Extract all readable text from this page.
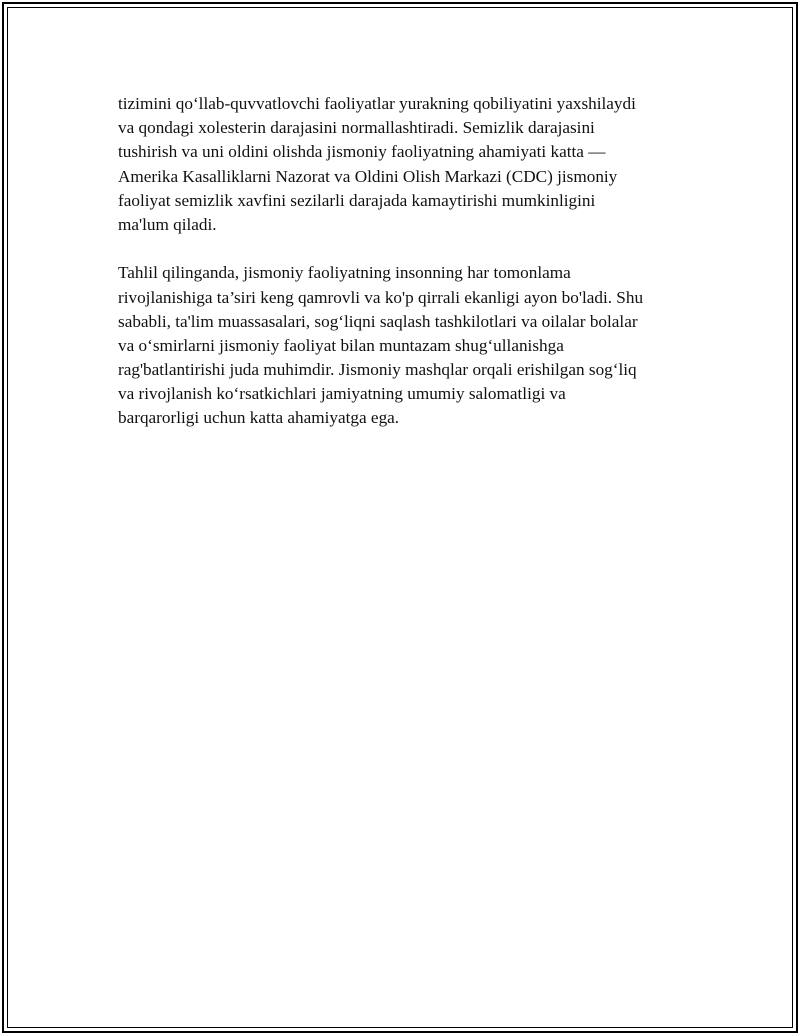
tizimini qo‘llab-quvvatlovchi faoliyatlar yurakning qobiliyatini yaxshilaydi
va qondagi xolesterin darajasini normallashtiradi. Semizlik darajasini
tushirish va uni oldini olishda jismoniy faoliyatning ahamiyati katta —
Amerika Kasalliklarni Nazorat va Oldini Olish Markazi (CDC) jismoniy
faoliyat semizlik xavfini sezilarli darajada kamaytirishi mumkinligini
ma'lum qiladi.
Tahlil qilinganda, jismoniy faoliyatning insonning har tomonlama
rivojlanishiga ta’siri keng qamrovli va ko'p qirrali ekanligi ayon bo'ladi. Shu
sababli, ta'lim muassasalari, sog‘liqni saqlash tashkilotlari va oilalar bolalar
va o‘smirlarni jismoniy faoliyat bilan muntazam shug‘ullanishga
rag'batlantirishi juda muhimdir. Jismoniy mashqlar orqali erishilgan sog‘liq
va rivojlanish ko‘rsatkichlari jamiyatning umumiy salomatligi va
barqarorligi uchun katta ahamiyatga ega.
